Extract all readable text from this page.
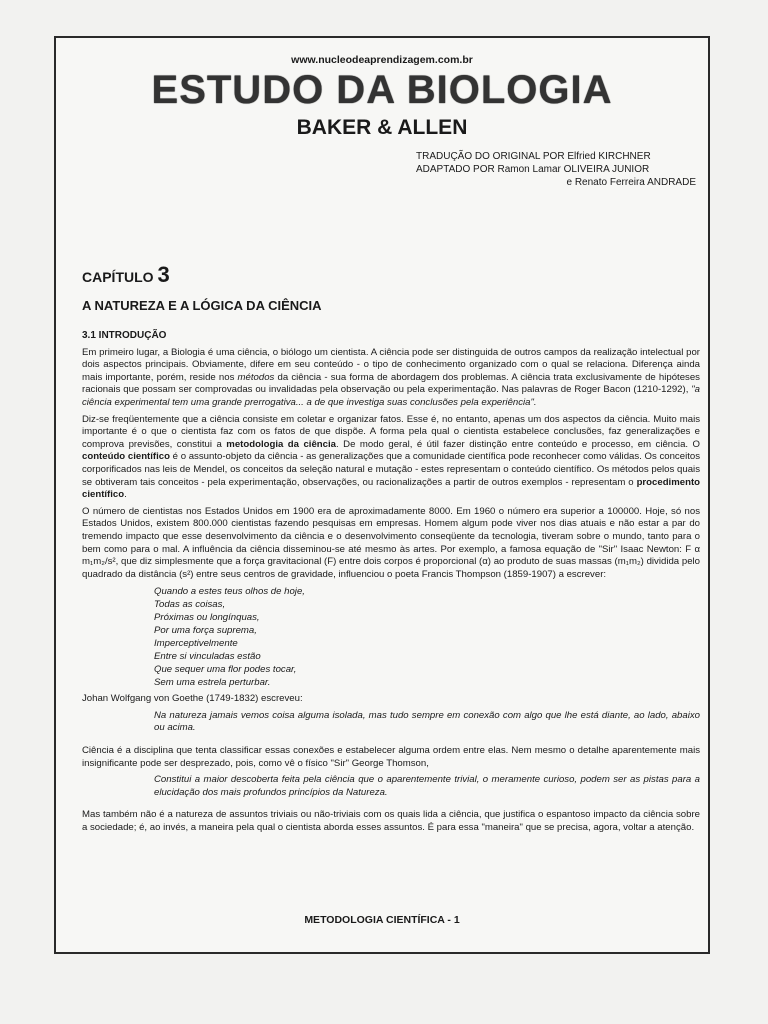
www.nucleodeaprendizagem.com.br
ESTUDO DA BIOLOGIA
BAKER & ALLEN
TRADUÇÃO DO ORIGINAL POR Elfried KIRCHNER
ADAPTADO POR Ramon Lamar OLIVEIRA JUNIOR
e Renato Ferreira ANDRADE
CAPÍTULO 3
A NATUREZA E A LÓGICA DA CIÊNCIA
3.1 INTRODUÇÃO

Em primeiro lugar, a Biologia é uma ciência, o biólogo um cientista. A ciência pode ser distinguida de outros campos da realização intelectual por dois aspectos principais. Obviamente, difere em seu conteúdo - o tipo de conhecimento organizado com o qual se relaciona. Diferença ainda mais importante, porém, reside nos métodos da ciência - sua forma de abordagem dos problemas. A ciência trata exclusivamente de hipóteses racionais que possam ser comprovadas ou invalidadas pela observação ou pela experimentação. Nas palavras de Roger Bacon (1210-1292), "a ciência experimental tem uma grande prerrogativa... a de que investiga suas conclusões pela experiência".

Diz-se freqüentemente que a ciência consiste em coletar e organizar fatos. Esse é, no entanto, apenas um dos aspectos da ciência. Muito mais importante é o que o cientista faz com os fatos de que dispõe. A forma pela qual o cientista estabelece conclusões, faz generalizações e comprova previsões, constitui a metodologia da ciência. De modo geral, é útil fazer distinção entre conteúdo e processo, em ciência. O conteúdo científico é o assunto-objeto da ciência - as generalizações que a comunidade científica pode reconhecer como válidas. Os conceitos corporificados nas leis de Mendel, os conceitos da seleção natural e mutação - estes representam o conteúdo científico. Os métodos pelos quais se obtiveram tais conceitos - pela experimentação, observações, ou racionalizações a partir de outros exemplos - representam o procedimento científico.

O número de cientistas nos Estados Unidos em 1900 era de aproximadamente 8000. Em 1960 o número era superior a 100000. Hoje, só nos Estados Unidos, existem 800.000 cientistas fazendo pesquisas em empresas. Homem algum pode viver nos dias atuais e não estar a par do tremendo impacto que esse desenvolvimento da ciência e o desenvolvimento conseqüente da tecnologia, tiveram sobre o mundo, tanto para o bem como para o mal. A influência da ciência disseminou-se até mesmo às artes. Por exemplo, a famosa equação de "Sir" Isaac Newton: F α m₁m₂/s², que diz simplesmente que a força gravitacional (F) entre dois corpos é proporcional (α) ao produto de suas massas (m₁m₂) dividida pelo quadrado da distância (s²) entre seus centros de gravidade, influenciou o poeta Francis Thompson (1859-1907) a escrever:

Quando a estes teus olhos de hoje,
Todas as coisas,
Próximas ou longínquas,
Por uma força suprema,
Imperceptivelmente
Entre si vinculadas estão
Que sequer uma flor podes tocar,
Sem uma estrela perturbar.

Johan Wolfgang von Goethe (1749-1832) escreveu:

Na natureza jamais vemos coisa alguma isolada, mas tudo sempre em conexão com algo que lhe está diante, ao lado, abaixo ou acima.

Ciência é a disciplina que tenta classificar essas conexões e estabelecer alguma ordem entre elas. Nem mesmo o detalhe aparentemente mais insignificante pode ser desprezado, pois, como vê o físico "Sir" George Thomson,

Constitui a maior descoberta feita pela ciência que o aparentemente trivial, o meramente curioso, podem ser as pistas para a elucidação dos mais profundos princípios da Natureza.

Mas também não é a natureza de assuntos triviais ou não-triviais com os quais lida a ciência, que justifica o espantoso impacto da ciência sobre a sociedade; é, ao invés, a maneira pela qual o cientista aborda esses assuntos. É para essa "maneira" que se precisa, agora, voltar a atenção.

METODOLOGIA CIENTÍFICA - 1
